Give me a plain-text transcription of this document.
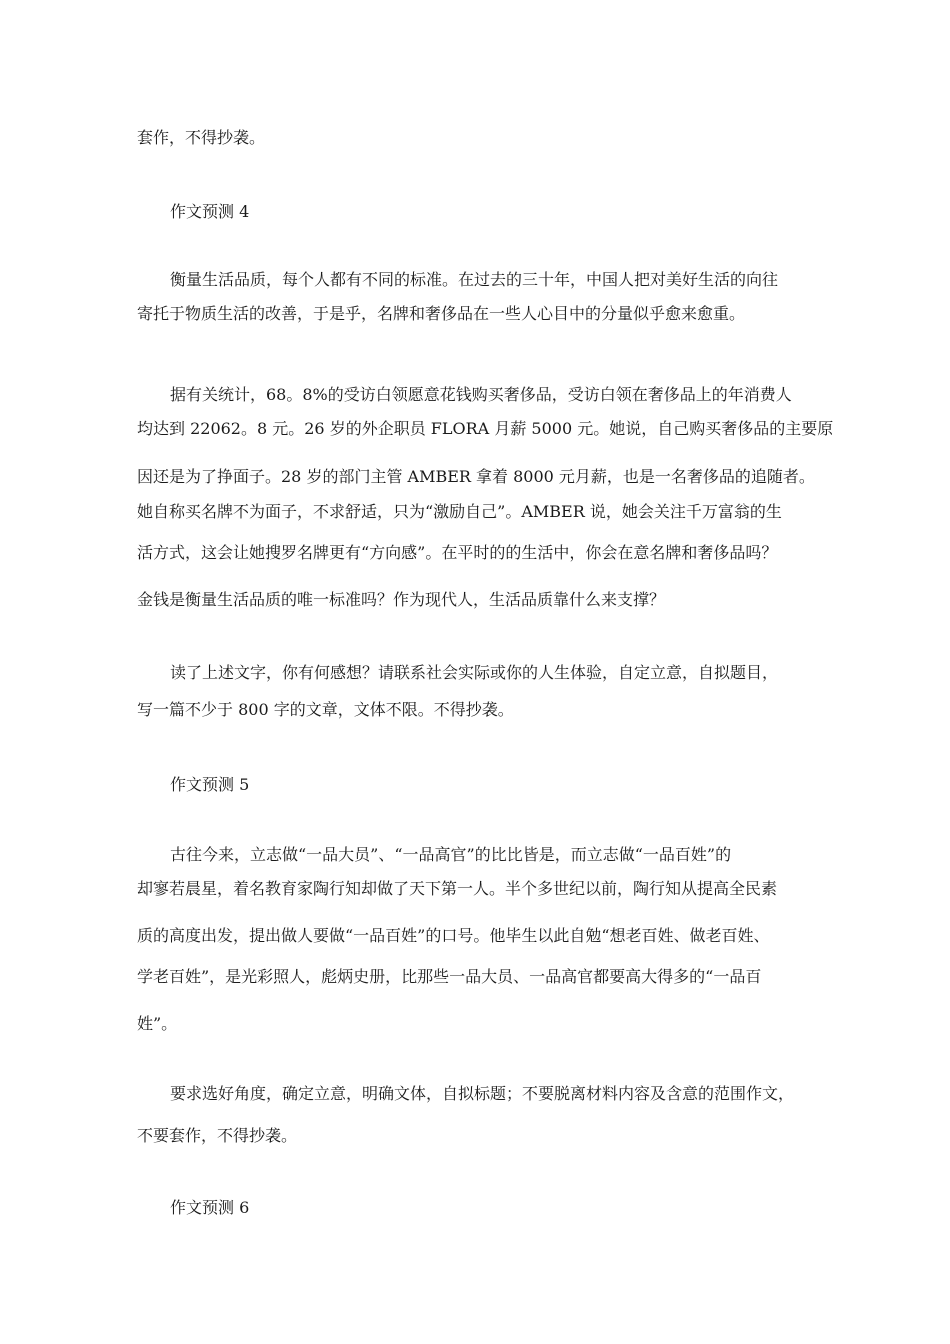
套作，不得抄袭。

作文预测 4

衡量生活品质，每个人都有不同的标准。在过去的三十年，中国人把对美好生活的向往

寄托于物质生活的改善，于是乎，名牌和奢侈品在一些人心目中的分量似乎愈来愈重。

据有关统计，68。8%的受访白领愿意花钱购买奢侈品，受访白领在奢侈品上的年消费人

均达到 22062。8 元。26 岁的外企职员 FLORA 月薪 5000 元。她说，自己购买奢侈品的主要原

因还是为了挣面子。28 岁的部门主管 AMBER 拿着 8000 元月薪，也是一名奢侈品的追随者。

她自称买名牌不为面子，不求舒适，只为“激励自己”。AMBER 说，她会关注千万富翁的生

活方式，这会让她搜罗名牌更有“方向感”。在平时的的生活中，你会在意名牌和奢侈品吗？

金钱是衡量生活品质的唯一标准吗？作为现代人，生活品质靠什么来支撑？

读了上述文字，你有何感想？请联系社会实际或你的人生体验，自定立意，自拟题目，

写一篇不少于 800 字的文章，文体不限。不得抄袭。

作文预测 5

古往今来，立志做“一品大员”、“一品高官”的比比皆是，而立志做“一品百姓”的

却寥若晨星，着名教育家陶行知却做了天下第一人。半个多世纪以前，陶行知从提高全民素

质的高度出发，提出做人要做“一品百姓”的口号。他毕生以此自勉“想老百姓、做老百姓、

学老百姓”，是光彩照人，彪炳史册，比那些一品大员、一品高官都要高大得多的“一品百

姓”。

要求选好角度，确定立意，明确文体，自拟标题；不要脱离材料内容及含意的范围作文，

不要套作，不得抄袭。

作文预测 6
